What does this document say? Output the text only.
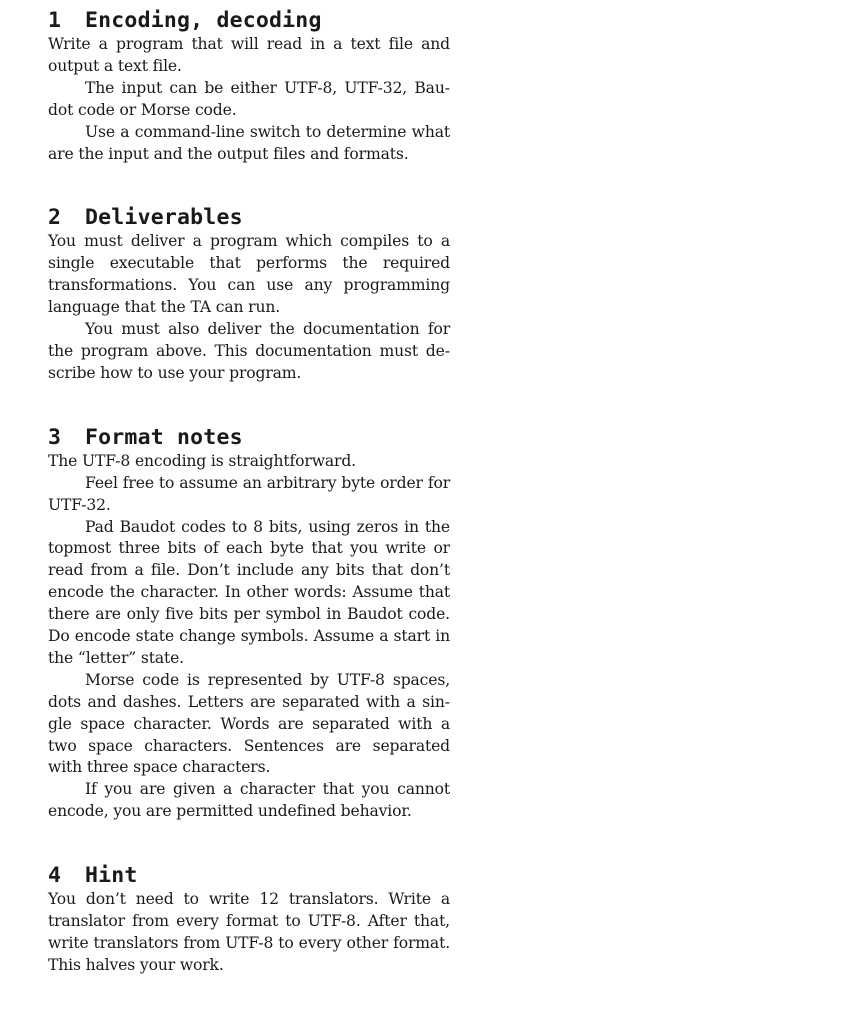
1 Encoding, decoding

Write a program that will read in a text file and output a text file.

The input can be either UTF-8, UTF-32, Baudot code or Morse code.

Use a command-line switch to determine what are the input and the output files and formats.

2 Deliverables

You must deliver a program which compiles to a single executable that performs the required transformations. You can use any programming language that the TA can run.

You must also deliver the documentation for the program above. This documentation must describe how to use your program.

3 Format notes

The UTF-8 encoding is straightforward.

Feel free to assume an arbitrary byte order for UTF-32.

Pad Baudot codes to 8 bits, using zeros in the topmost three bits of each byte that you write or read from a file. Don’t include any bits that don’t encode the character. In other words: Assume that there are only five bits per symbol in Baudot code. Do encode state change symbols. Assume a start in the “letter” state.

Morse code is represented by UTF-8 spaces, dots and dashes. Letters are separated with a single space character. Words are separated with a two space characters. Sentences are separated with three space characters.

If you are given a character that you cannot encode, you are permitted undefined behavior.

4 Hint

You don’t need to write 12 translators. Write a translator from every format to UTF-8. After that, write translators from UTF-8 to every other format. This halves your work.
